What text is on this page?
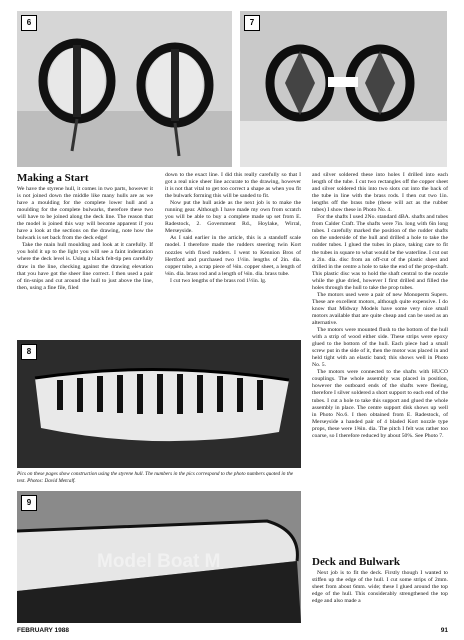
6	7
Making a Start

We have the styrene hull, it comes in two parts, however it is not joined down the middle like many hulls are as we have a moulding for the complete lower hull and a moulding for the complete bulwarks, therefore these two will have to be joined along the deck line. The reason that the model is joined this way will become apparent if you have a look at the sections on the drawing, note how the bulwark is set back from the deck edge!

Take the main hull moulding and look at it carefully. If you hold it up to the light you will see a faint indentation where the deck level is. Using a black felt-tip pen carefully draw in the line, checking against the drawing elevation that you have got the sheer line correct. I then used a pair of tin-snips and cut around the hull to just above the line, then, using a fine file, filed

down to the exact line. I did this really carefully so that I got a real nice sheer line accurate to the drawing, however it is not that vital to get too correct a shape as when you fit the bulwark forming this will be sanded to fit.

Now put the hull aside as the next job is to make the running gear. Although I have made my own from scratch you will be able to buy a complete made up set from E. Radestock, 2. Government Rd., Hoylake, Wirral, Merseyside.

As I said earlier in the article, this is a standoff scale model. I therefore made the rudders steering twin Kort nozzles with fixed rudders. I went to Kennion Bros of Hertford and purchased two 1½in. lengths of 2in. dia. copper tube, a scrap piece of ⅛in. copper sheet, a length of ⅛in. dia. brass rod and a length of ⅛in. dia. brass tube.

I cut two lengths of the brass rod 1½in. lg.

8
Pics on these pages show construction using the styrene hull. The numbers in the pics correspond to the photo numbers quoted in the text. Photos: David Metcalf.
9
Model Boat M

and silver soldered these into holes I drilled into each length of the tube. I cut two rectangles off the copper sheet and silver soldered this into two slots cut into the back of the tube in line with the brass rods. I then cut two 1in. lengths off the brass tube (these will act as the rubber tubes) I show these in Photo No. 4.

For the shafts I used 2No. standard 4BA. shafts and tubes from Calder Craft. The shafts were 7in. long with 6in long tubes. I carefully marked the position of the rudder shafts on the underside of the hull and drilled a hole to take the rudder tubes. I glued the tubes in place, taking care to fit the tubes in square to what would be the waterline. I cut out a 2in. dia. disc from an off-cut of the plastic sheet and drilled in the centre a hole to take the end of the prop-shaft. This plastic disc was to hold the shaft central to the nozzle while the glue dried, however I first drilled and filled the holes through the hull to take the prop tubes.

The motors used were a pair of new Monoperm Supers. These are excellent motors, although quite expensive. I do know that Midway Models have some very nice small motors available that are quite cheap and can be used as an alternative.

The motors were mounted flush to the bottom of the hull with a strip of wood either side. These strips were epoxy glued to the bottom of the hull. Each piece had a small screw put in the side of it, then the motor was placed in and held tight with an elastic band; this shows well in Photo No. 5.

The motors were connected to the shafts with HUCO couplings. The whole assembly was placed in position, however the outboard ends of the shafts were fleeing, therefore I silver soldered a short support to each end of the tubes. I cut a hole to take this support and glued the whole assembly in place. The centre support disk shows up well in Photo No.6. I then obtained from E. Radestock, of Merseyside a handed pair of 4 bladed Kort nozzle type props, these were 1⅝in. dia. The pitch I felt was rather too coarse, so I therefore reduced by about 50%. See Photo 7.

Deck and Bulwark

Next job is to fit the deck. Firstly though I wanted to stiffen up the edge of the hull. I cut some strips of 2mm. sheet from about 6mm. wide; these I glued around the top edge of the hull. This considerably strengthened the top edge and also made a

FEBRUARY 1988	91
